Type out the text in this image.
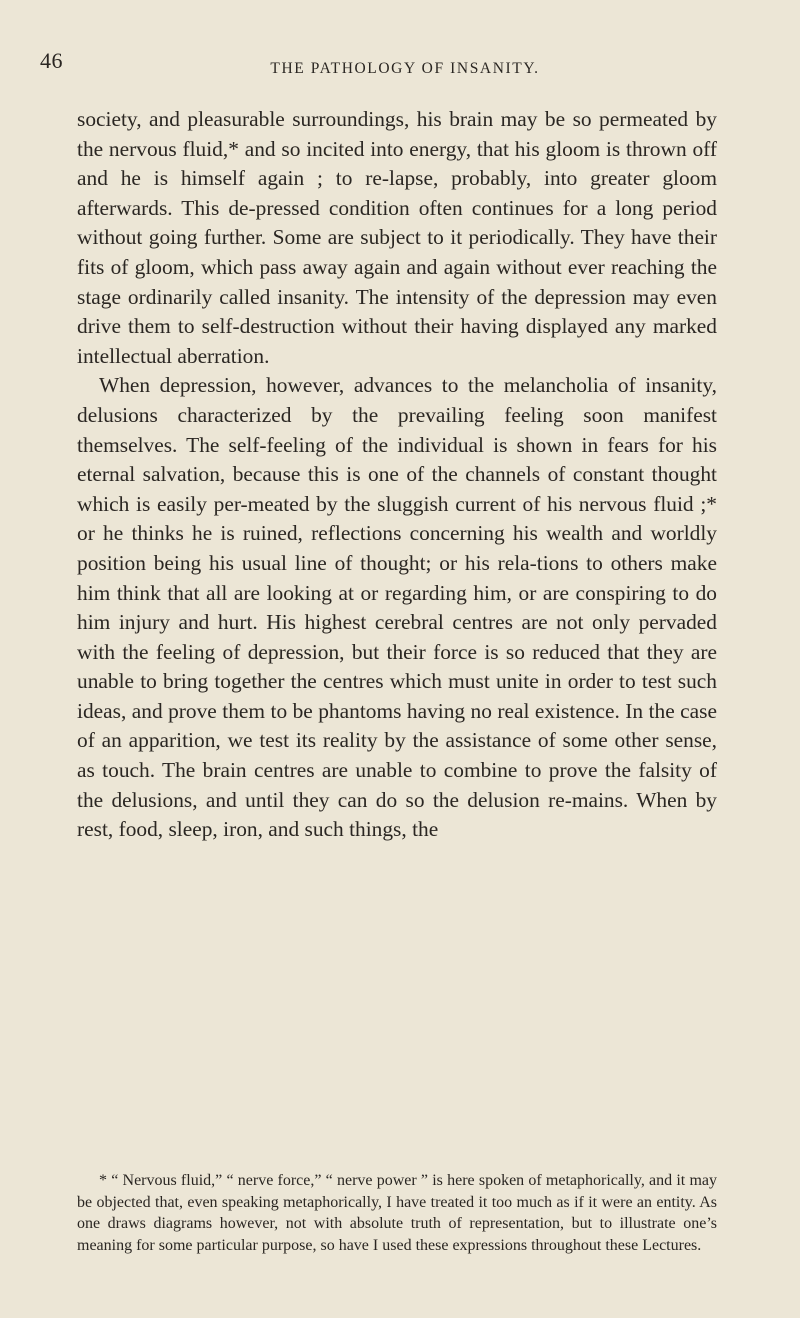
46	THE PATHOLOGY OF INSANITY.

society, and pleasurable surroundings, his brain may be so permeated by the nervous fluid,* and so incited into energy, that his gloom is thrown off and he is himself again ; to re-lapse, probably, into greater gloom afterwards. This de-pressed condition often continues for a long period without going further. Some are subject to it periodically. They have their fits of gloom, which pass away again and again without ever reaching the stage ordinarily called insanity. The intensity of the depression may even drive them to self-destruction without their having displayed any marked intellectual aberration.

When depression, however, advances to the melancholia of insanity, delusions characterized by the prevailing feeling soon manifest themselves. The self-feeling of the individual is shown in fears for his eternal salvation, because this is one of the channels of constant thought which is easily per-meated by the sluggish current of his nervous fluid ;* or he thinks he is ruined, reflections concerning his wealth and worldly position being his usual line of thought; or his rela-tions to others make him think that all are looking at or regarding him, or are conspiring to do him injury and hurt. His highest cerebral centres are not only pervaded with the feeling of depression, but their force is so reduced that they are unable to bring together the centres which must unite in order to test such ideas, and prove them to be phantoms having no real existence. In the case of an apparition, we test its reality by the assistance of some other sense, as touch. The brain centres are unable to combine to prove the falsity of the delusions, and until they can do so the delusion re-mains. When by rest, food, sleep, iron, and such things, the

* “ Nervous fluid,” “ nerve force,” “ nerve power ” is here spoken of metaphorically, and it may be objected that, even speaking metaphorically, I have treated it too much as if it were an entity. As one draws diagrams however, not with absolute truth of representation, but to illustrate one’s meaning for some particular purpose, so have I used these expressions throughout these Lectures.
